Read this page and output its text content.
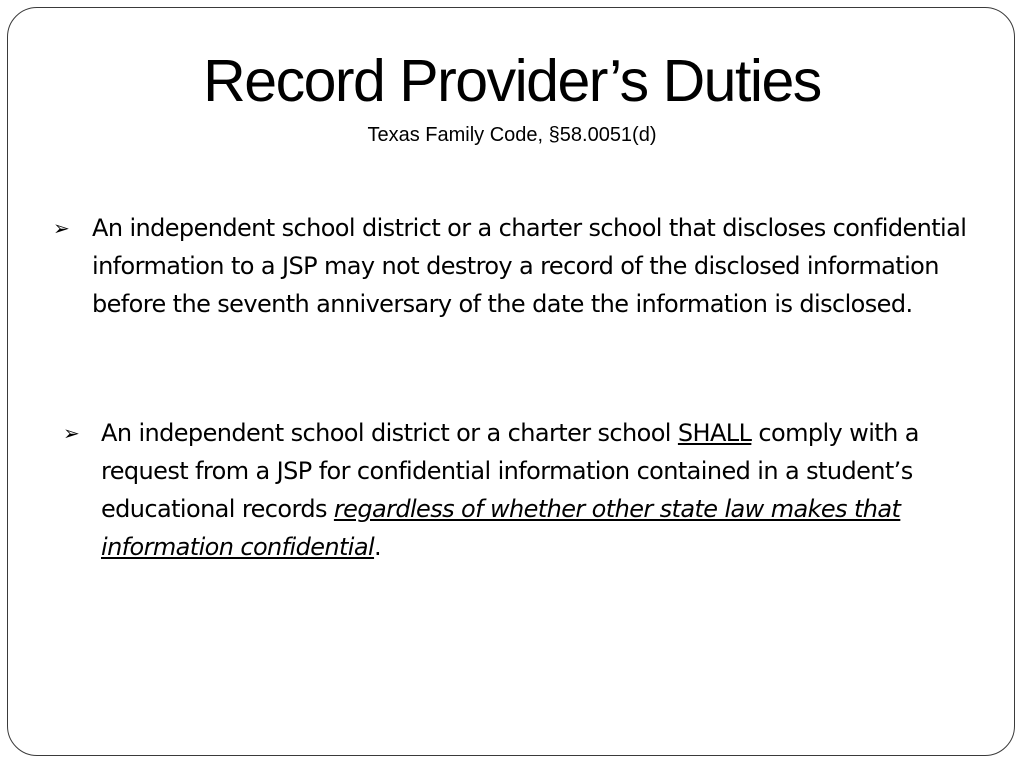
Record Provider’s Duties
Texas Family Code, §58.0051(d)
➢ An independent school district or a charter school that discloses confidential information to a JSP may not destroy a record of the disclosed information before the seventh anniversary of the date the information is disclosed.
➢ An independent school district or a charter school SHALL comply with a request from a JSP for confidential information contained in a student’s educational records regardless of whether other state law makes that information confidential.
